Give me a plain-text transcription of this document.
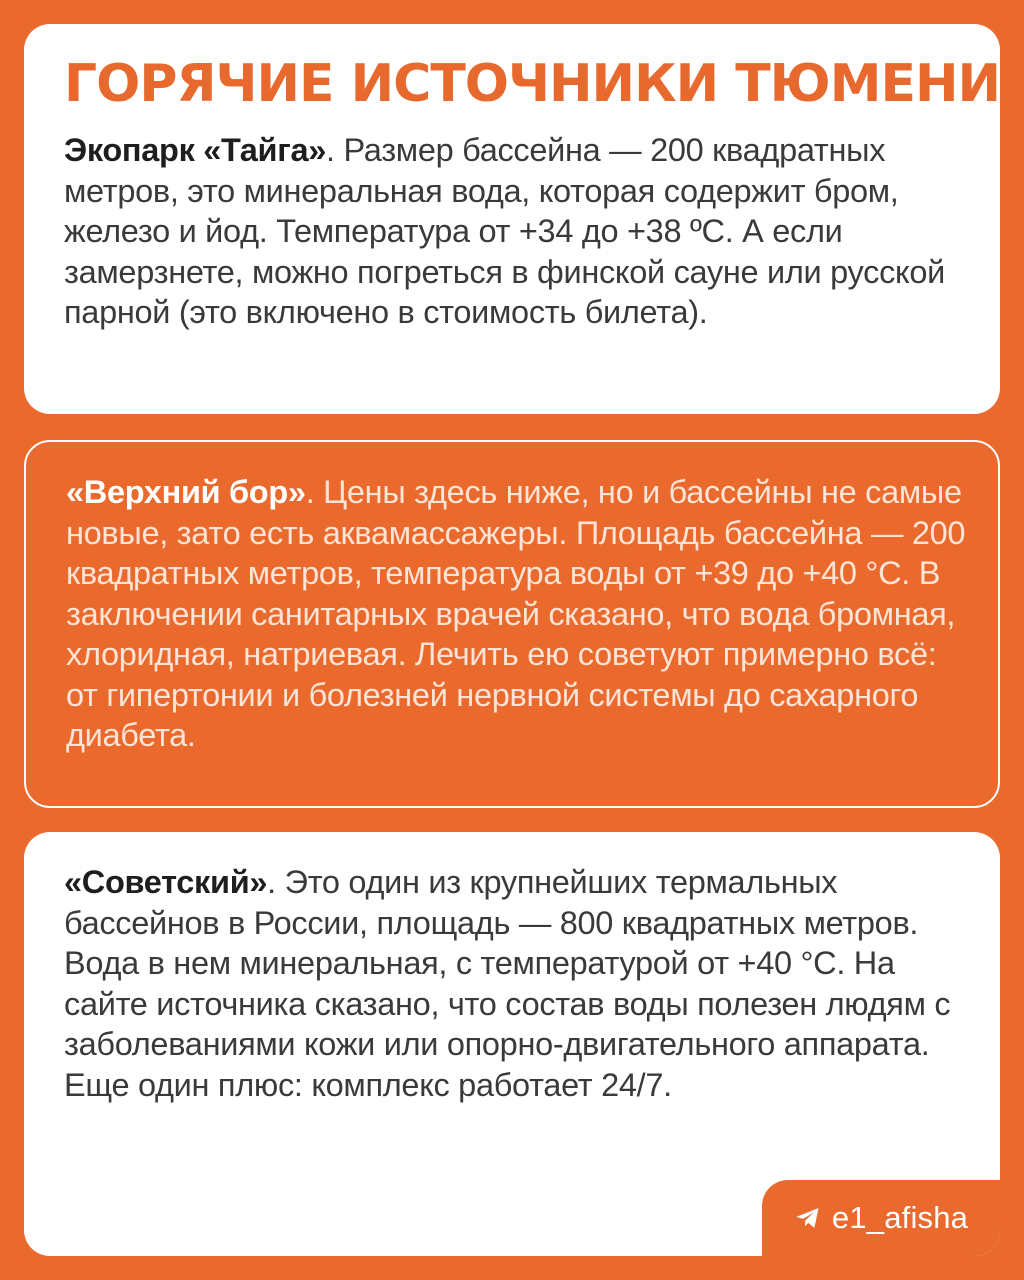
ГОРЯЧИЕ ИСТОЧНИКИ ТЮМЕНИ

Экопарк «Тайга». Размер бассейна — 200 квадратных метров, это минеральная вода, которая содержит бром, железо и йод. Температура от +34 до +38 ºС. А если замерзнете, можно погреться в финской сауне или русской парной (это включено в стоимость билета).

«Верхний бор». Цены здесь ниже, но и бассейны не самые новые, зато есть аквамассажеры. Площадь бассейна — 200 квадратных метров, температура воды от +39 до +40 °С. В заключении санитарных врачей сказано, что вода бромная, хлоридная, натриевая. Лечить ею советуют примерно всё: от гипертонии и болезней нервной системы до сахарного диабета.

«Советский». Это один из крупнейших термальных бассейнов в России, площадь — 800 квадратных метров. Вода в нем минеральная, с температурой от +40 °С. На сайте источника сказано, что состав воды полезен людям с заболеваниями кожи или опорно-двигательного аппарата. Еще один плюс: комплекс работает 24/7.

e1_afisha
